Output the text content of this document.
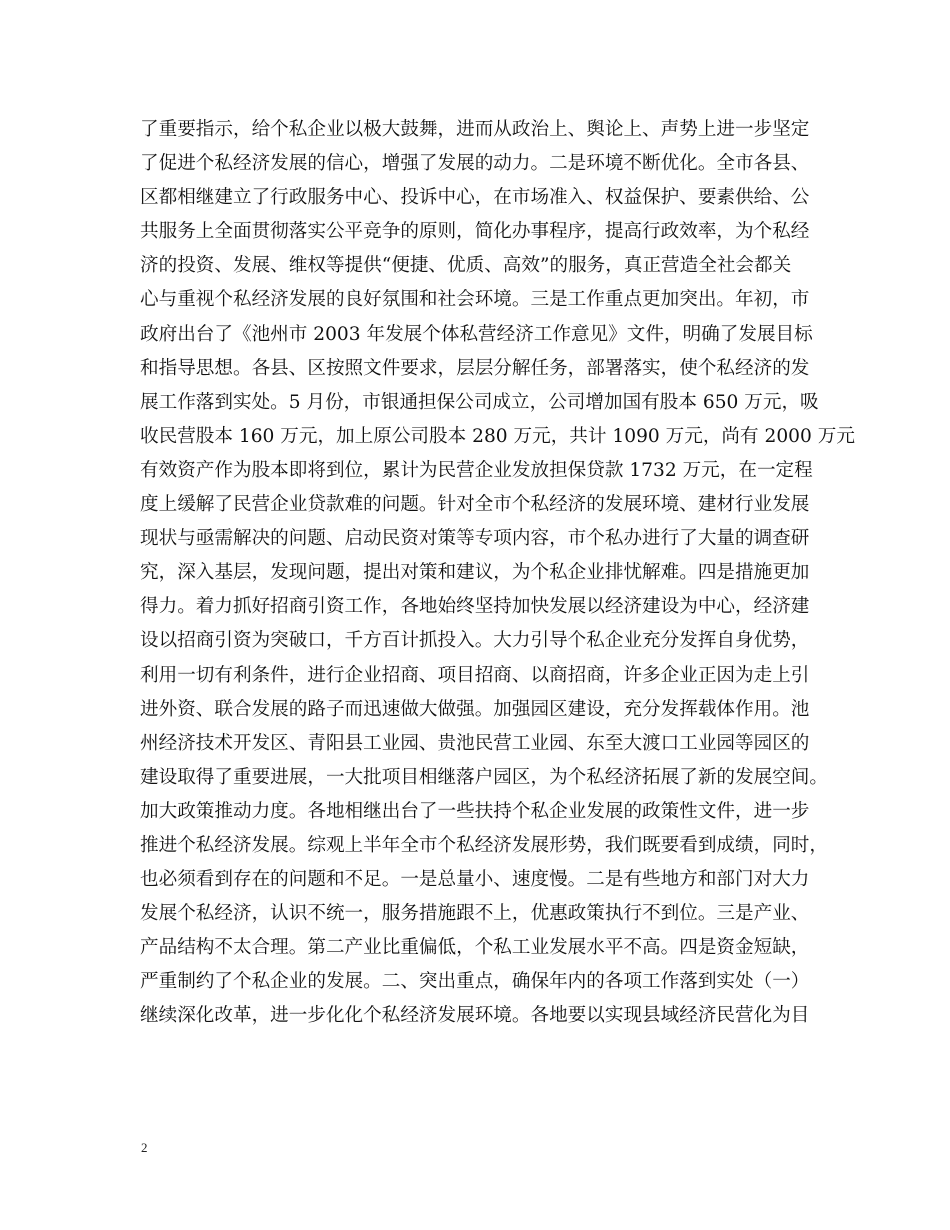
了重要指示，给个私企业以极大鼓舞，进而从政治上、舆论上、声势上进一步坚定
了促进个私经济发展的信心，增强了发展的动力。二是环境不断优化。全市各县、
区都相继建立了行政服务中心、投诉中心，在市场准入、权益保护、要素供给、公
共服务上全面贯彻落实公平竞争的原则，简化办事程序，提高行政效率，为个私经
济的投资、发展、维权等提供“便捷、优质、高效”的服务，真正营造全社会都关
心与重视个私经济发展的良好氛围和社会环境。三是工作重点更加突出。年初，市
政府出台了《池州市 2003 年发展个体私营经济工作意见》文件，明确了发展目标
和指导思想。各县、区按照文件要求，层层分解任务，部署落实，使个私经济的发
展工作落到实处。5 月份，市银通担保公司成立，公司增加国有股本 650 万元，吸
收民营股本 160 万元，加上原公司股本 280 万元，共计 1090 万元，尚有 2000 万元
有效资产作为股本即将到位，累计为民营企业发放担保贷款 1732 万元，在一定程
度上缓解了民营企业贷款难的问题。针对全市个私经济的发展环境、建材行业发展
现状与亟需解决的问题、启动民资对策等专项内容，市个私办进行了大量的调查研
究，深入基层，发现问题，提出对策和建议，为个私企业排忧解难。四是措施更加
得力。着力抓好招商引资工作，各地始终坚持加快发展以经济建设为中心，经济建
设以招商引资为突破口，千方百计抓投入。大力引导个私企业充分发挥自身优势，
利用一切有利条件，进行企业招商、项目招商、以商招商，许多企业正因为走上引
进外资、联合发展的路子而迅速做大做强。加强园区建设，充分发挥载体作用。池
州经济技术开发区、青阳县工业园、贵池民营工业园、东至大渡口工业园等园区的
建设取得了重要进展，一大批项目相继落户园区，为个私经济拓展了新的发展空间。
加大政策推动力度。各地相继出台了一些扶持个私企业发展的政策性文件，进一步
推进个私经济发展。综观上半年全市个私经济发展形势，我们既要看到成绩，同时，
也必须看到存在的问题和不足。一是总量小、速度慢。二是有些地方和部门对大力
发展个私经济，认识不统一，服务措施跟不上，优惠政策执行不到位。三是产业、
产品结构不太合理。第二产业比重偏低，个私工业发展水平不高。四是资金短缺，
严重制约了个私企业的发展。二、突出重点，确保年内的各项工作落到实处（一）
继续深化改革，进一步化化个私经济发展环境。各地要以实现县域经济民营化为目
2
